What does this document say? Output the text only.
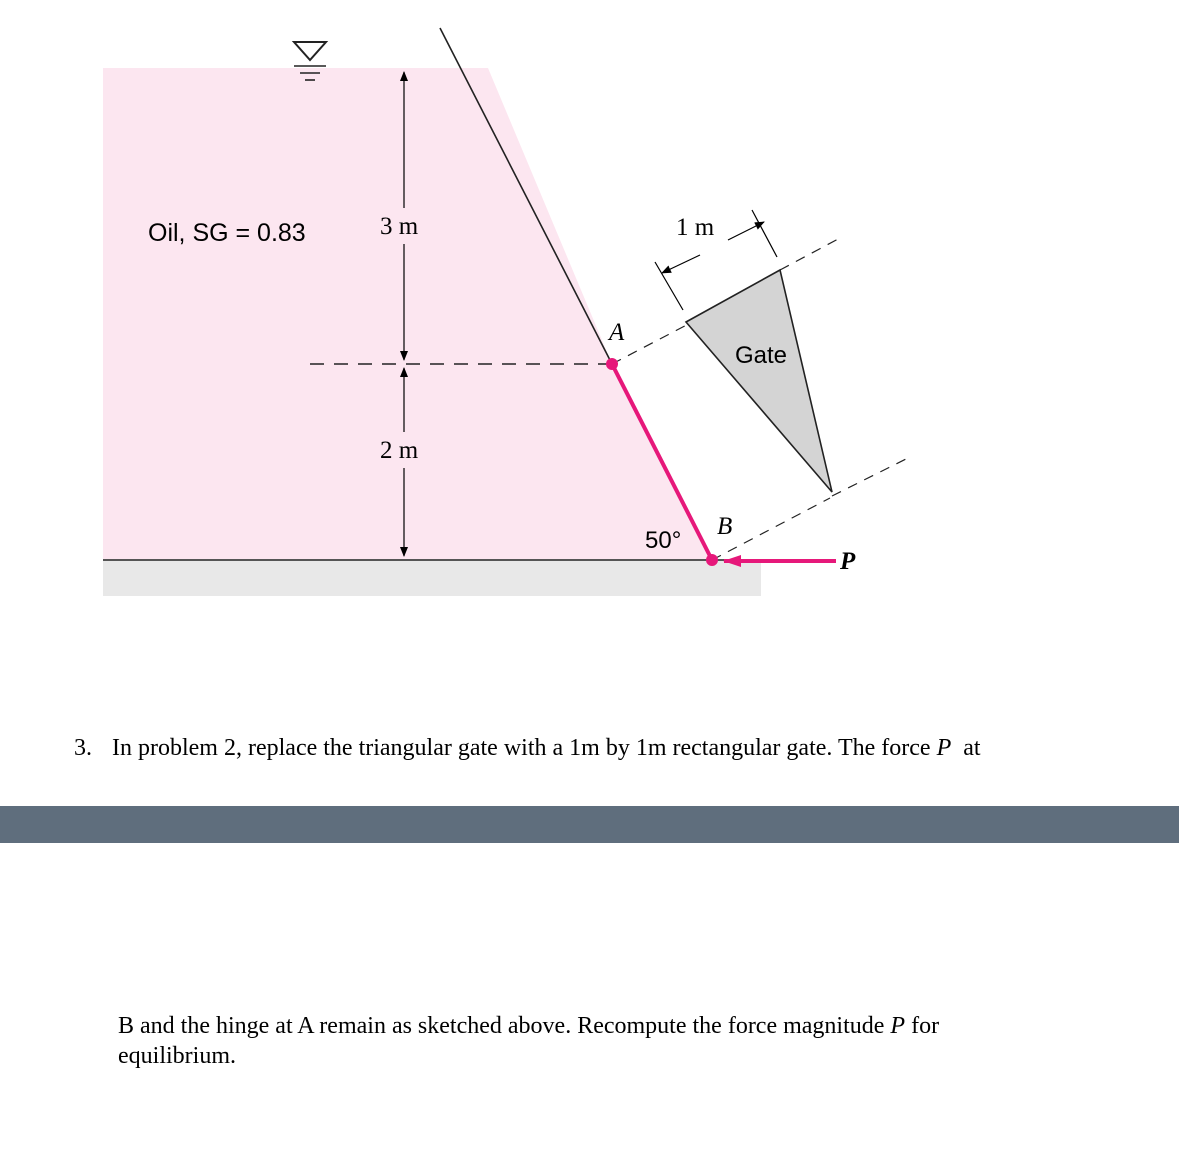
Oil, SG = 0.83	3 m
2 m
1 m
Gate
A
B
50°
P
3. In problem 2, replace the triangular gate with a 1m by 1m rectangular gate. The force P at
B and the hinge at A remain as sketched above. Recompute the force magnitude P for
equilibrium.
